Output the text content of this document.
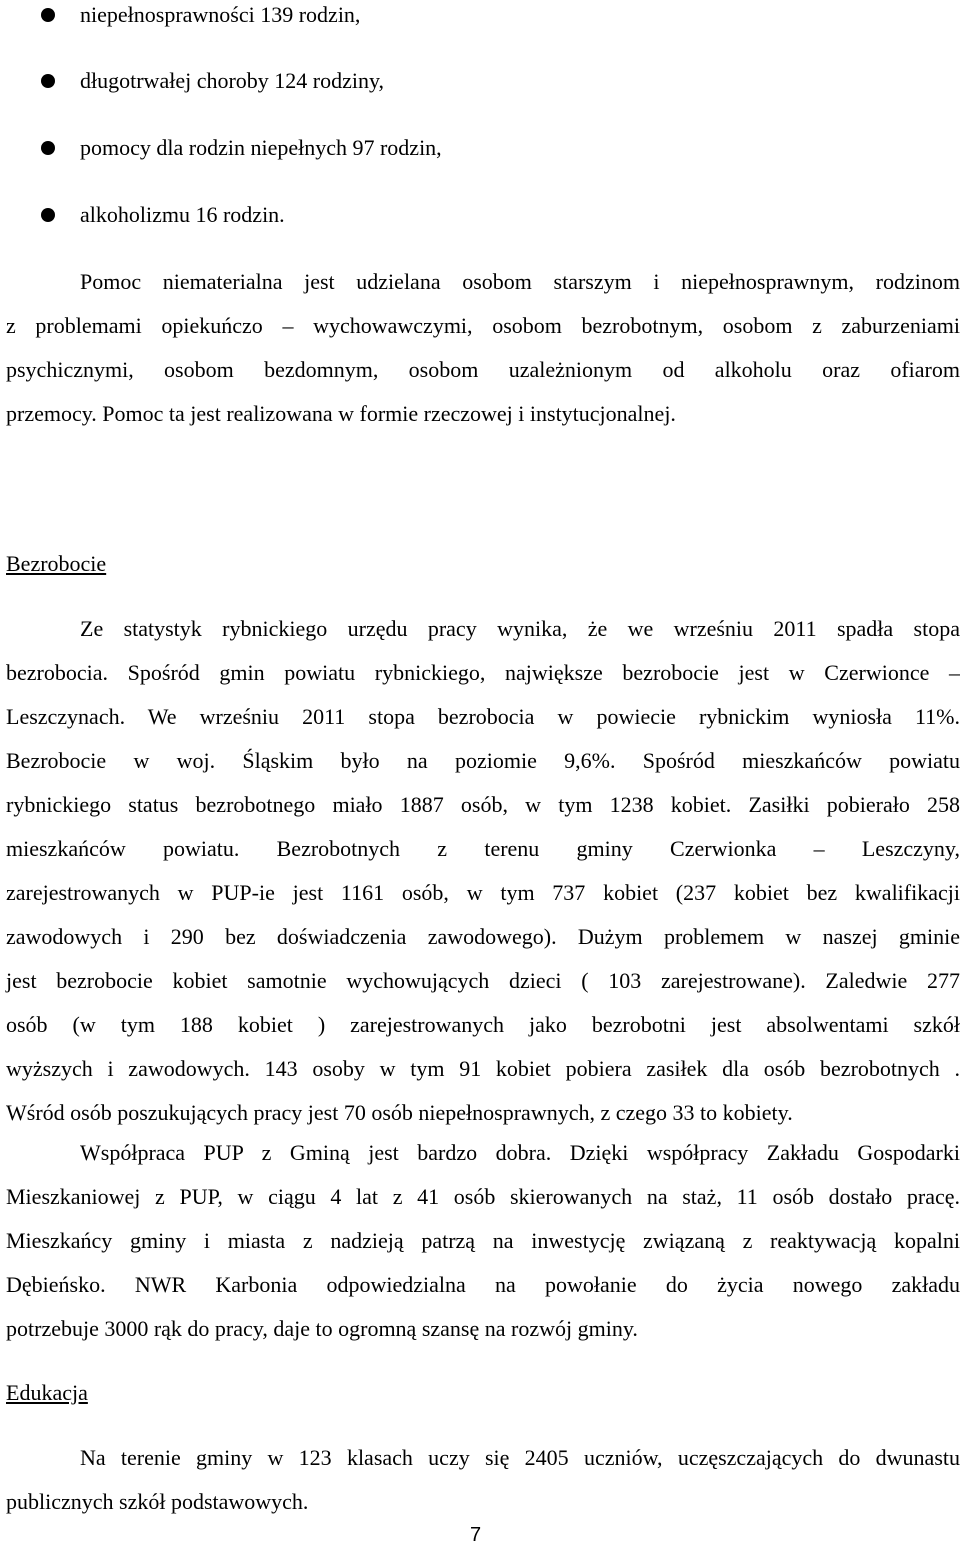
niepełnosprawności 139 rodzin,
długotrwałej choroby 124 rodziny,
pomocy dla rodzin niepełnych 97 rodzin,
alkoholizmu 16 rodzin.
Pomoc niematerialna jest udzielana osobom starszym i niepełnosprawnym, rodzinom
z problemami opiekuńczo – wychowawczymi, osobom bezrobotnym, osobom z zaburzeniami
psychicznymi, osobom bezdomnym, osobom uzależnionym od alkoholu oraz ofiarom
przemocy. Pomoc ta jest realizowana w formie rzeczowej i instytucjonalnej.
Bezrobocie
Ze statystyk rybnickiego urzędu pracy wynika, że we wrześniu 2011 spadła stopa
bezrobocia. Spośród gmin powiatu rybnickiego, największe bezrobocie jest w Czerwionce –
Leszczynach. We wrześniu 2011 stopa bezrobocia w powiecie rybnickim wyniosła 11%.
Bezrobocie w woj. Śląskim było na poziomie 9,6%. Spośród mieszkańców powiatu
rybnickiego status bezrobotnego miało 1887 osób, w tym 1238 kobiet. Zasiłki pobierało 258
mieszkańców powiatu. Bezrobotnych z terenu gminy Czerwionka – Leszczyny,
zarejestrowanych w PUP-ie jest 1161 osób, w tym 737 kobiet (237 kobiet bez kwalifikacji
zawodowych i 290 bez doświadczenia zawodowego). Dużym problemem w naszej gminie
jest bezrobocie kobiet samotnie wychowujących dzieci ( 103 zarejestrowane). Zaledwie 277
osób (w tym 188 kobiet ) zarejestrowanych jako bezrobotni jest absolwentami szkół
wyższych i zawodowych. 143 osoby w tym 91 kobiet pobiera zasiłek dla osób bezrobotnych .
Wśród osób poszukujących pracy jest 70 osób niepełnosprawnych, z czego 33 to kobiety.
Współpraca PUP z Gminą jest bardzo dobra. Dzięki współpracy Zakładu Gospodarki
Mieszkaniowej z PUP, w ciągu 4 lat z 41 osób skierowanych na staż, 11 osób dostało pracę.
Mieszkańcy gminy i miasta z nadzieją patrzą na inwestycję związaną z reaktywacją kopalni
Dębieńsko. NWR Karbonia odpowiedzialna na powołanie do życia nowego zakładu
potrzebuje 3000 rąk do pracy, daje to ogromną szansę na rozwój gminy.
Edukacja
Na terenie gminy w 123 klasach uczy się 2405 uczniów, uczęszczających do dwunastu
publicznych szkół podstawowych.
7
